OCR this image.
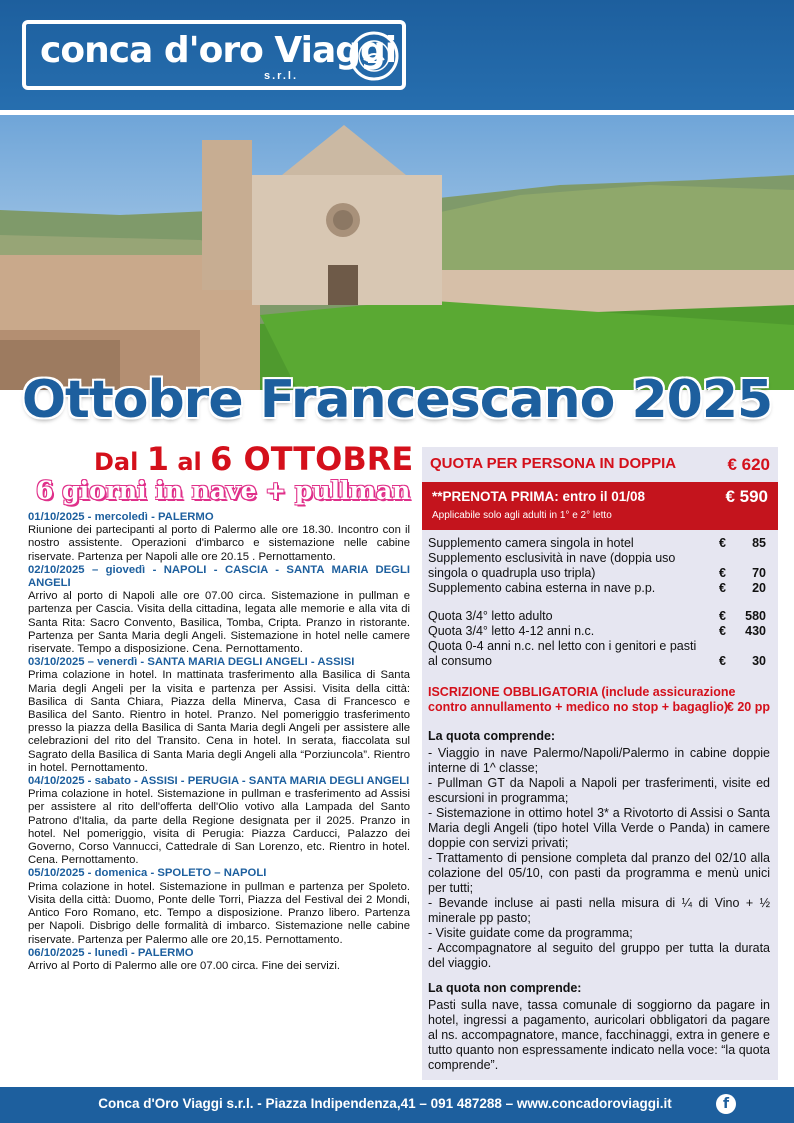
conca d'oro Viaggi
s.r.l.
Ottobre Francescano 2025
Dal 1 al 6 OTTOBRE
6 giorni in nave + pullman

01/10/2025 - mercoledì - PALERMO
Riunione dei partecipanti al porto di Palermo alle ore 18.30. Incontro con il nostro assistente. Operazioni d'imbarco e sistemazione nelle cabine riservate. Partenza per Napoli alle ore 20.15 . Pernottamento.

02/10/2025 – giovedì - NAPOLI - CASCIA - SANTA MARIA DEGLI ANGELI
Arrivo al porto di Napoli alle ore 07.00 circa. Sistemazione in pullman e partenza per Cascia. Visita della cittadina, legata alle memorie e alla vita di Santa Rita: Sacro Convento, Basilica, Tomba, Cripta. Pranzo in ristorante. Partenza per Santa Maria degli Angeli. Sistemazione in hotel nelle camere riservate. Tempo a disposizione. Cena. Pernottamento.

03/10/2025 – venerdì - SANTA MARIA DEGLI ANGELI - ASSISI
Prima colazione in hotel. In mattinata trasferimento alla Basilica di Santa Maria degli Angeli per la visita e partenza per Assisi. Visita della città: Basilica di Santa Chiara, Piazza della Minerva, Casa di Francesco e Basilica del Santo. Rientro in hotel. Pranzo. Nel pomeriggio trasferimento presso la piazza della Basilica di Santa Maria degli Angeli per assistere alle celebrazioni del rito del Transito. Cena in hotel. In serata, fiaccolata sul Sagrato della Basilica di Santa Maria degli Angeli alla “Porziuncola”. Rientro in hotel. Pernottamento.

04/10/2025 - sabato - ASSISI - PERUGIA - SANTA MARIA DEGLI ANGELI
Prima colazione in hotel. Sistemazione in pullman e trasferimento ad Assisi per assistere al rito dell'offerta dell'Olio votivo alla Lampada del Santo Patrono d'Italia, da parte della Regione designata per il 2025. Pranzo in hotel. Nel pomeriggio, visita di Perugia: Piazza Carducci, Palazzo dei Governo, Corso Vannucci, Cattedrale di San Lorenzo, etc. Rientro in hotel. Cena. Pernottamento.

05/10/2025 - domenica - SPOLETO – NAPOLI
Prima colazione in hotel. Sistemazione in pullman e partenza per Spoleto. Visita della città: Duomo, Ponte delle Torri, Piazza del Festival dei 2 Mondi, Antico Foro Romano, etc. Tempo a disposizione. Pranzo libero. Partenza per Napoli. Disbrigo delle formalità di imbarco. Sistemazione nelle cabine riservate. Partenza per Palermo alle ore 20,15. Pernottamento.

06/10/2025 - lunedì - PALERMO
Arrivo al Porto di Palermo alle ore 07.00 circa. Fine dei servizi.

QUOTA PER PERSONA IN DOPPIA	€ 620
**PRENOTA PRIMA: entro il 01/08
Applicabile solo agli adulti in 1° e 2° letto
€ 590
Supplemento camera singola in hotel	€ 85
Supplemento esclusività in nave (doppia uso singola o quadrupla uso tripla)	€ 70
Supplemento cabina esterna in nave p.p.	€ 20
Quota 3/4° letto adulto	€ 580
Quota 3/4° letto 4-12 anni n.c.	€ 430
Quota 0-4 anni n.c. nel letto con i genitori e pasti al consumo	€ 30
ISCRIZIONE OBBLIGATORIA (include assicurazione contro annullamento + medico no stop + bagaglio)
€ 20 pp
La quota comprende:
- Viaggio in nave Palermo/Napoli/Palermo in cabine doppie interne di 1^ classe;
- Pullman GT da Napoli a Napoli per trasferimenti, visite ed escursioni in programma;
- Sistemazione in ottimo hotel 3* a Rivotorto di Assisi o Santa Maria degli Angeli (tipo hotel Villa Verde o Panda) in camere doppie con servizi privati;
- Trattamento di pensione completa dal pranzo del 02/10 alla colazione del 05/10, con pasti da programma e menù unici per tutti;
- Bevande incluse ai pasti nella misura di ¼ di Vino + ½ minerale pp pasto;
- Visite guidate come da programma;
- Accompagnatore al seguito del gruppo per tutta la durata del viaggio.
La quota non comprende:
Pasti sulla nave, tassa comunale di soggiorno da pagare in hotel, ingressi a pagamento, auricolari obbligatori da pagare al ns. accompagnatore, mance, facchinaggi, extra in genere e tutto quanto non espressamente indicato nella voce: “la quota comprende”.
Conca d'Oro Viaggi s.r.l. - Piazza Indipendenza,41 – 091 487288 – www.concadoroviaggi.it	f
